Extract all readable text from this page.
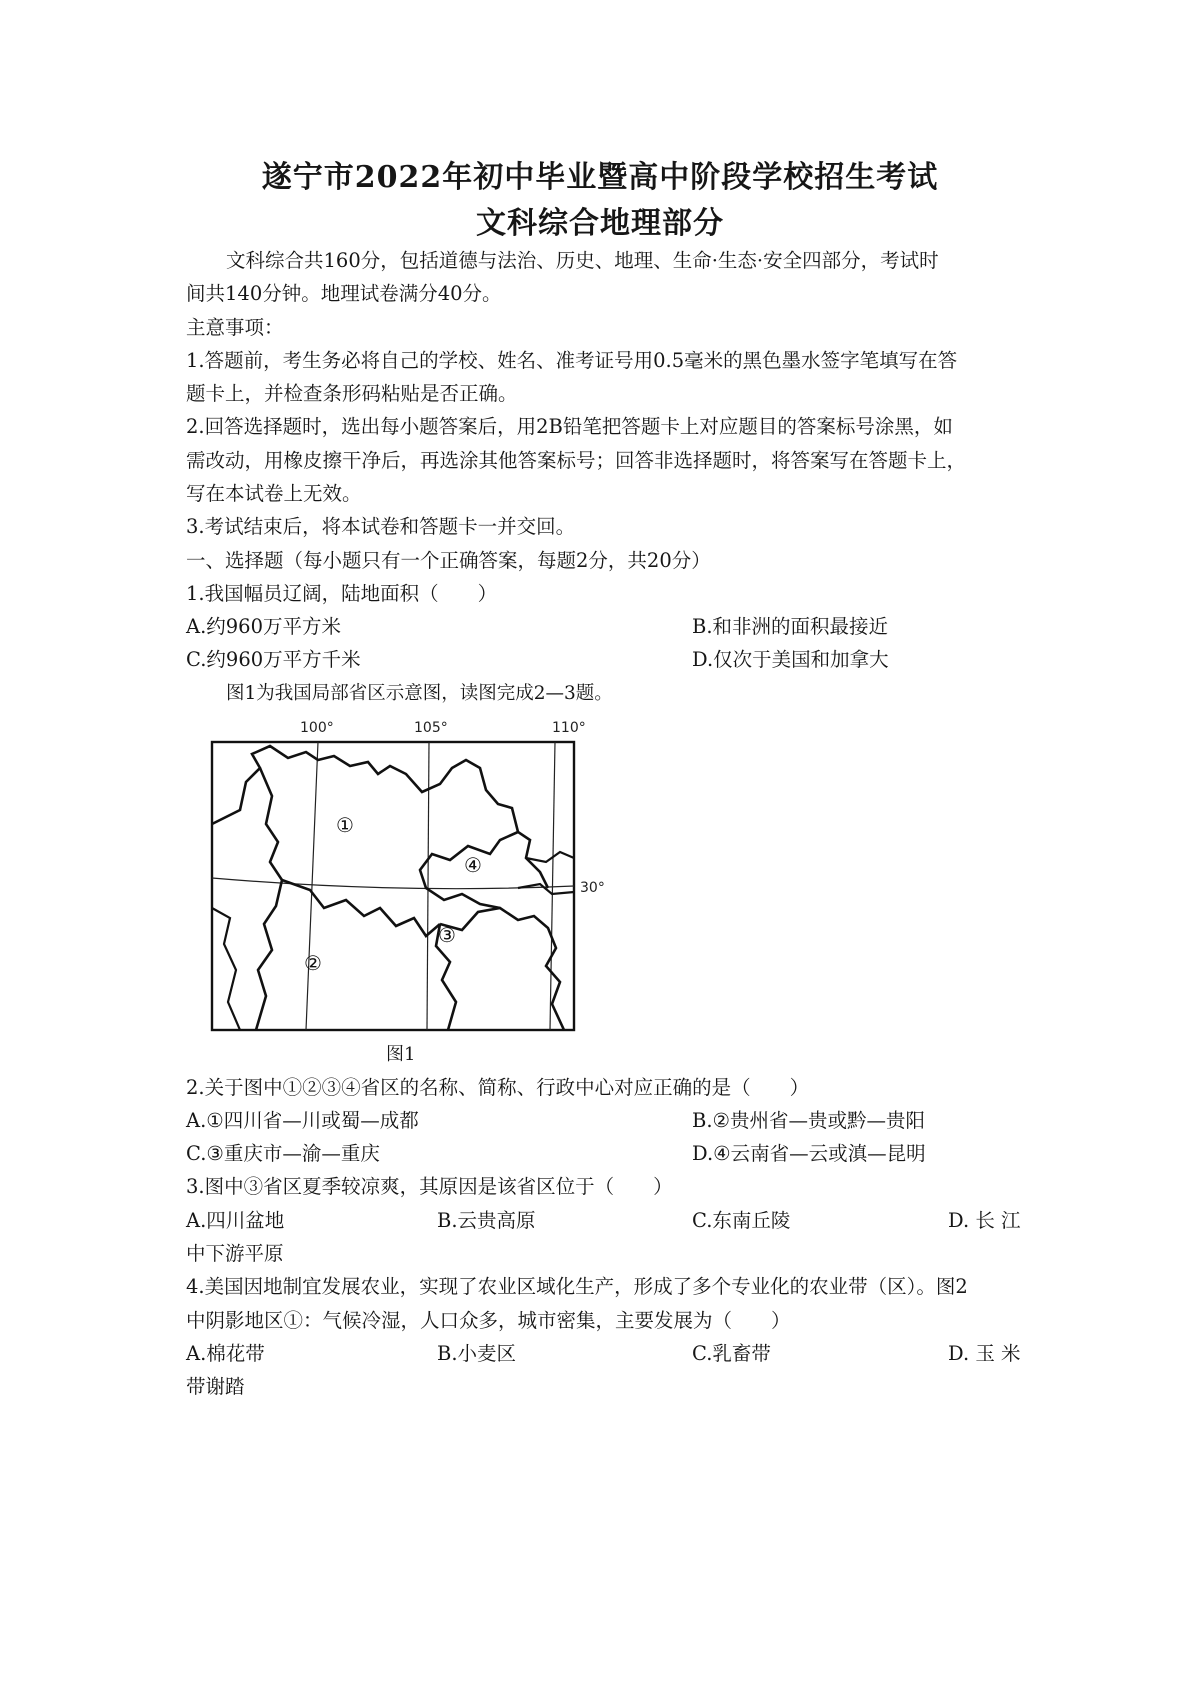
遂宁市2022年初中毕业暨高中阶段学校招生考试
文科综合地理部分
文科综合共160分，包括道德与法治、历史、地理、生命·生态·安全四部分，考试时
间共140分钟。地理试卷满分40分。
主意事项：
1.答题前，考生务必将自己的学校、姓名、准考证号用0.5毫米的黑色墨水签字笔填写在答
题卡上，并检查条形码粘贴是否正确。
2.回答选择题时，选出每小题答案后，用2B铅笔把答题卡上对应题目的答案标号涂黑，如
需改动，用橡皮擦干净后，再选涂其他答案标号；回答非选择题时，将答案写在答题卡上，
写在本试卷上无效。
3.考试结束后，将本试卷和答题卡一并交回。
一、选择题（每小题只有一个正确答案，每题2分，共20分）
1.我国幅员辽阔，陆地面积（　　）
A.约960万平方米	B.和非洲的面积最接近
C.约960万平方千米	D.仅次于美国和加拿大
图1为我国局部省区示意图，读图完成2—3题。
100°	105°	110°
30°
①
②
③
④
图1
2.关于图中①②③④省区的名称、简称、行政中心对应正确的是（　　）
A.①四川省—川或蜀—成都	B.②贵州省—贵或黔—贵阳
C.③重庆市—渝—重庆	D.④云南省—云或滇—昆明
3.图中③省区夏季较凉爽，其原因是该省区位于（　　）
A.四川盆地	B.云贵高原	C.东南丘陵	D. 长 江
中下游平原
4.美国因地制宜发展农业，实现了农业区域化生产，形成了多个专业化的农业带（区）。图2
中阴影地区①：气候冷湿，人口众多，城市密集，主要发展为（　　）
A.棉花带	B.小麦区	C.乳畜带	D. 玉 米
带谢踏
